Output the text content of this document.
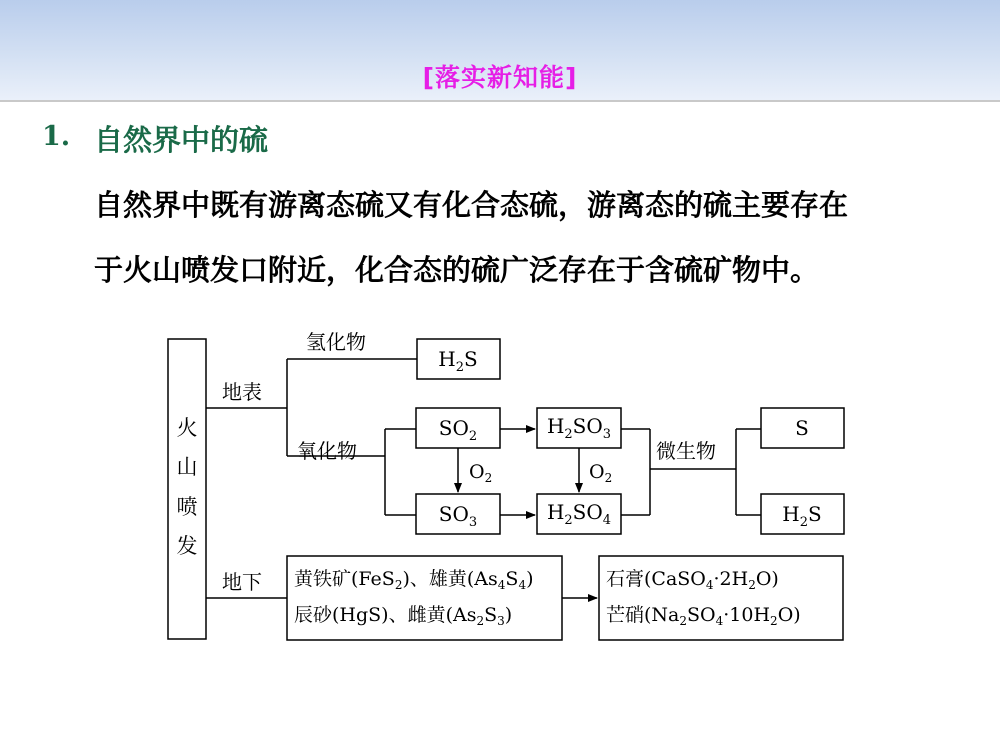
[落实新知能]
1. 自然界中的硫
自然界中既有游离态硫又有化合态硫，游离态的硫主要存在
于火山喷发口附近，化合态的硫广泛存在于含硫矿物中。
火
山
喷
发
地表
地下
氢化物
氧化物	微生物
$O_2$	$O_2$
$H_2S$
$SO_2$
$SO_3$
$H_2SO_3$
$H_2SO_4$
S
$H_2S$
黄铁矿(FeS$_2$)、雄黄$(As_4S_4)$
辰砂(HgS)、雌黄$(As_2S_3)$
石膏$(CaSO_4\cdot 2H_2O)$
芒硝$(Na_2SO_4\cdot 10H_2O)$
